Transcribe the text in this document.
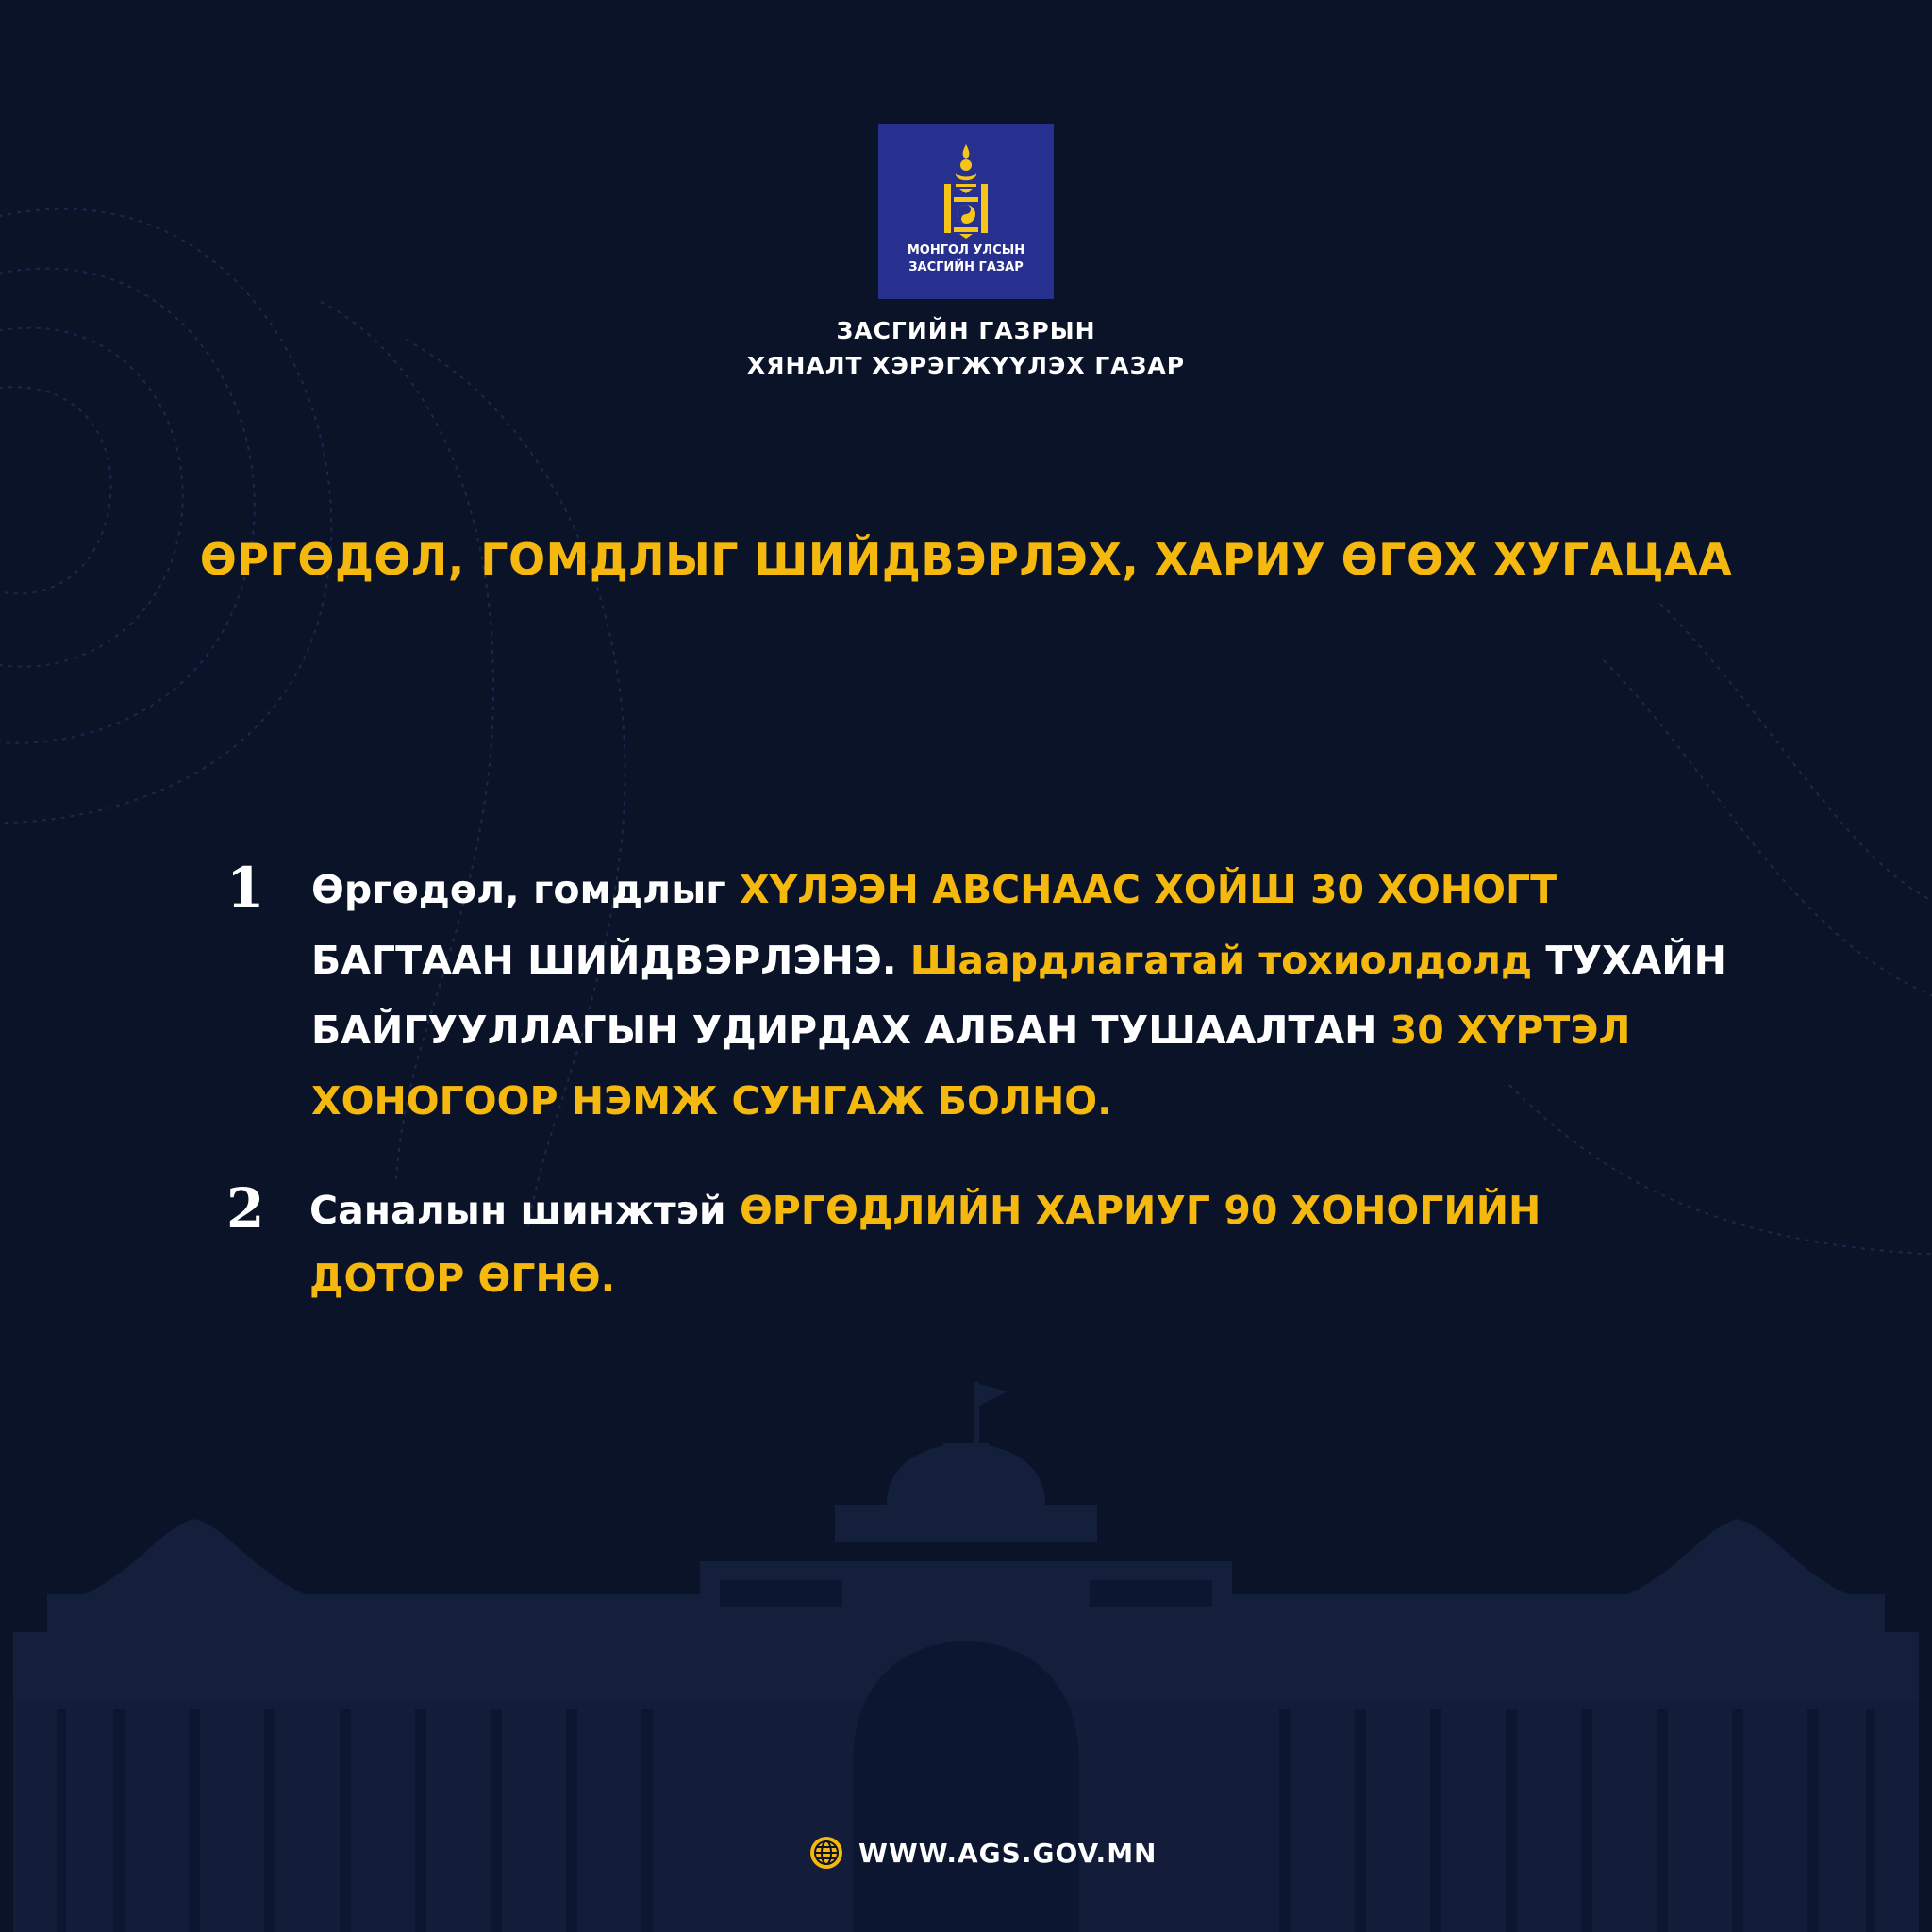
МОНГОЛ УЛСЫН
ЗАСГИЙН ГАЗАР
ЗАСГИЙН ГАЗРЫН
ХЯНАЛТ ХЭРЭГЖҮҮЛЭХ ГАЗАР
ӨРГӨДӨЛ, ГОМДЛЫГ ШИЙДВЭРЛЭХ, ХАРИУ ӨГӨХ ХУГАЦАА
1 Өргөдөл, гомдлыг ХҮЛЭЭН АВСНААС ХОЙШ 30 ХОНОГТ
БАГТААН ШИЙДВЭРЛЭНЭ. Шаардлагатай тохиолдолд ТУХАЙН
БАЙГУУЛЛАГЫН УДИРДАХ АЛБАН ТУШААЛТАН 30 ХҮРТЭЛ
ХОНОГООР НЭМЖ СУНГАЖ БОЛНО.
2 Саналын шинжтэй ӨРГӨДЛИЙН ХАРИУГ 90 ХОНОГИЙН
ДОТОР ӨГНӨ.
WWW.AGS.GOV.MN
